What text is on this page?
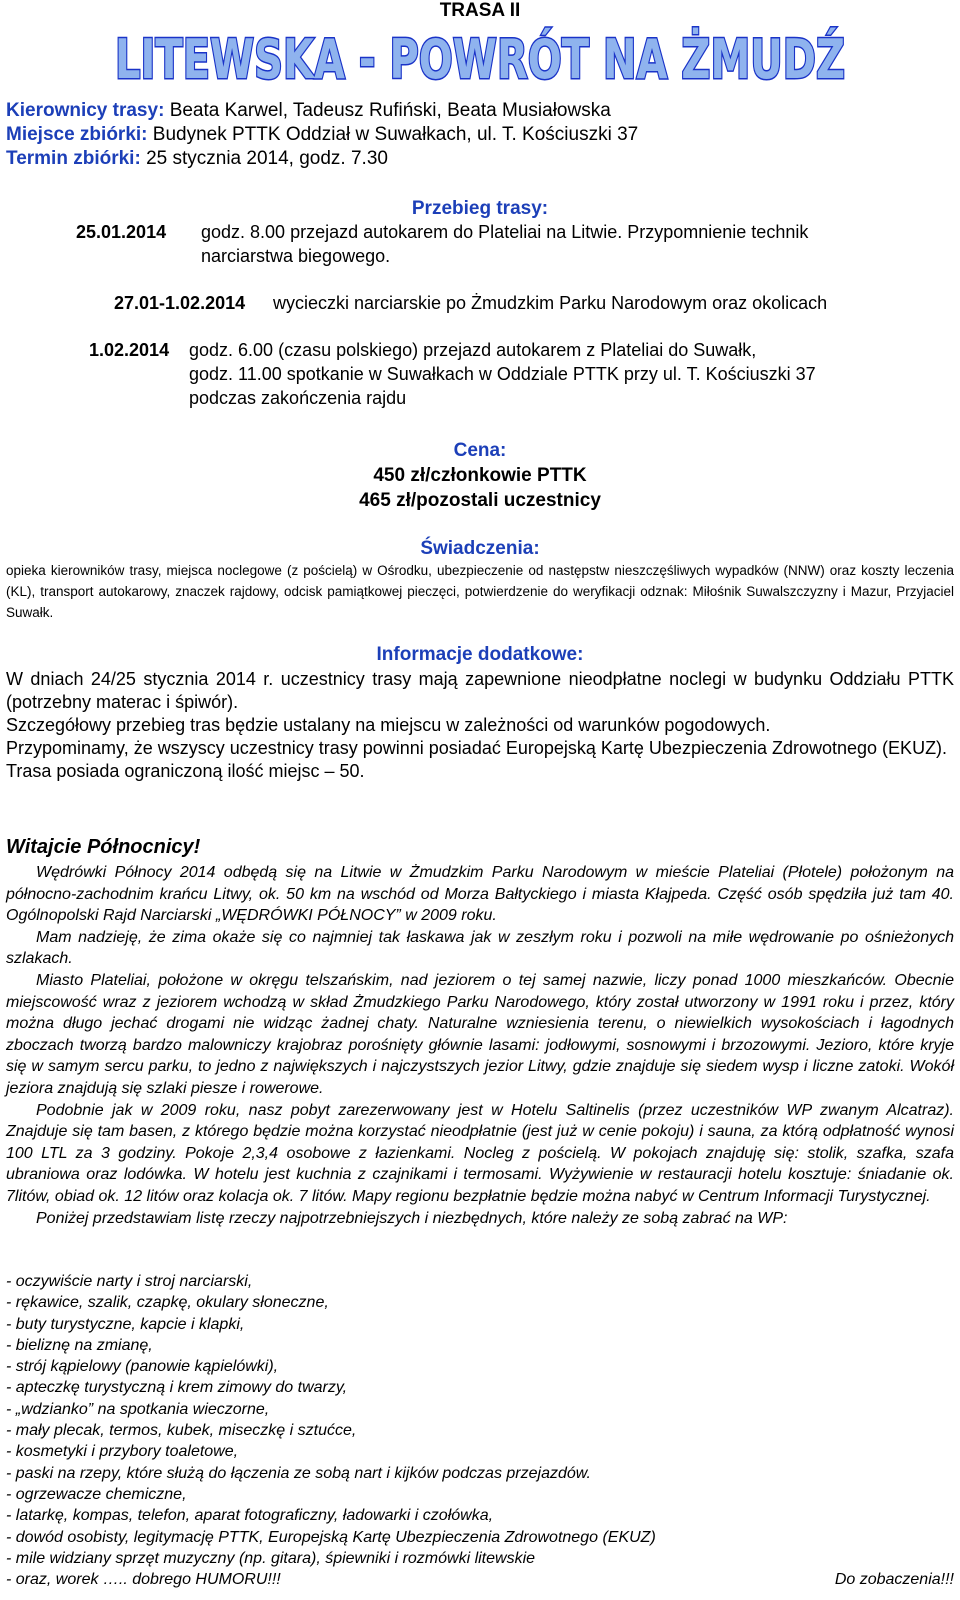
TRASA II
LITEWSKA - POWRÓT NA ŻMUDŹ
Kierownicy trasy: Beata Karwel, Tadeusz Rufiński, Beata Musiałowska
Miejsce zbiórki: Budynek PTTK Oddział w Suwałkach, ul. T. Kościuszki 37
Termin zbiórki: 25 stycznia 2014, godz. 7.30
Przebieg trasy:
25.01.2014 godz. 8.00 przejazd autokarem do Plateliai na Litwie. Przypomnienie technik
narciarstwa biegowego.
27.01-1.02.2014 wycieczki narciarskie po Żmudzkim Parku Narodowym oraz okolicach
1.02.2014 godz. 6.00 (czasu polskiego) przejazd autokarem z Plateliai do Suwałk,
godz. 11.00 spotkanie w Suwałkach w Oddziale PTTK przy ul. T. Kościuszki 37
podczas zakończenia rajdu
Cena:
450 zł/członkowie PTTK
465 zł/pozostali uczestnicy
Świadczenia:
opieka kierowników trasy, miejsca noclegowe (z pościelą) w Ośrodku, ubezpieczenie od następstw nieszczęśliwych wypadków (NNW) oraz koszty leczenia (KL), transport autokarowy, znaczek rajdowy, odcisk pamiątkowej pieczęci, potwierdzenie do weryfikacji odznak: Miłośnik Suwalszczyzny i Mazur, Przyjaciel Suwałk.
Informacje dodatkowe:
W dniach 24/25 stycznia 2014 r. uczestnicy trasy mają zapewnione nieodpłatne noclegi w budynku Oddziału PTTK (potrzebny materac i śpiwór).
Szczegółowy przebieg tras będzie ustalany na miejscu w zależności od warunków pogodowych.
Przypominamy, że wszyscy uczestnicy trasy powinni posiadać Europejską Kartę Ubezpieczenia Zdrowotnego (EKUZ).
Trasa posiada ograniczoną ilość miejsc – 50.
Witajcie Północnicy!

Wędrówki Północy 2014 odbędą się na Litwie w Żmudzkim Parku Narodowym w mieście Plateliai (Płotele) położonym na północno-zachodnim krańcu Litwy, ok. 50 km na wschód od Morza Bałtyckiego i miasta Kłajpeda. Część osób spędziła już tam 40. Ogólnopolski Rajd Narciarski „WĘDRÓWKI PÓŁNOCY” w 2009 roku.

Mam nadzieję, że zima okaże się co najmniej tak łaskawa jak w zeszłym roku i pozwoli na miłe wędrowanie po ośnieżonych szlakach.

Miasto Plateliai, położone w okręgu telszańskim, nad jeziorem o tej samej nazwie, liczy ponad 1000 mieszkańców. Obecnie miejscowość wraz z jeziorem wchodzą w skład Żmudzkiego Parku Narodowego, który został utworzony w 1991 roku i przez, który można długo jechać drogami nie widząc żadnej chaty. Naturalne wzniesienia terenu, o niewielkich wysokościach i łagodnych zboczach tworzą bardzo malowniczy krajobraz porośnięty głównie lasami: jodłowymi, sosnowymi i brzozowymi. Jezioro, które kryje się w samym sercu parku, to jedno z największych i najczystszych jezior Litwy, gdzie znajduje się siedem wysp i liczne zatoki. Wokół jeziora znajdują się szlaki piesze i rowerowe.

Podobnie jak w 2009 roku, nasz pobyt zarezerwowany jest w Hotelu Saltinelis (przez uczestników WP zwanym Alcatraz). Znajduje się tam basen, z którego będzie można korzystać nieodpłatnie (jest już w cenie pokoju) i sauna, za którą odpłatność wynosi 100 LTL za 3 godziny. Pokoje 2,3,4 osobowe z łazienkami. Nocleg z pościelą. W pokojach znajduję się: stolik, szafka, szafa ubraniowa oraz lodówka. W hotelu jest kuchnia z czajnikami i termosami. Wyżywienie w restauracji hotelu kosztuje: śniadanie ok. 7litów, obiad ok. 12 litów oraz kolacja ok. 7 litów. Mapy regionu bezpłatnie będzie można nabyć w Centrum Informacji Turystycznej.

Poniżej przedstawiam listę rzeczy najpotrzebniejszych i niezbędnych, które należy ze sobą zabrać na WP:

- oczywiście narty i stroj narciarski,
- rękawice, szalik, czapkę, okulary słoneczne,
- buty turystyczne, kapcie i klapki,
- bieliznę na zmianę,
- strój kąpielowy (panowie kąpielówki),
- apteczkę turystyczną i krem zimowy do twarzy,
- „wdzianko” na spotkania wieczorne,
- mały plecak, termos, kubek, miseczkę i sztućce,
- kosmetyki i przybory toaletowe,
- paski na rzepy, które służą do łączenia ze sobą nart i kijków podczas przejazdów.
- ogrzewacze chemiczne,
- latarkę, kompas, telefon, aparat fotograficzny, ładowarki i czołówka,
- dowód osobisty, legitymację PTTK, Europejską Kartę Ubezpieczenia Zdrowotnego (EKUZ)
- mile widziany sprzęt muzyczny (np. gitara), śpiewniki i rozmówki litewskie
- oraz, worek ….. dobrego HUMORU!!!	Do zobaczenia!!!
